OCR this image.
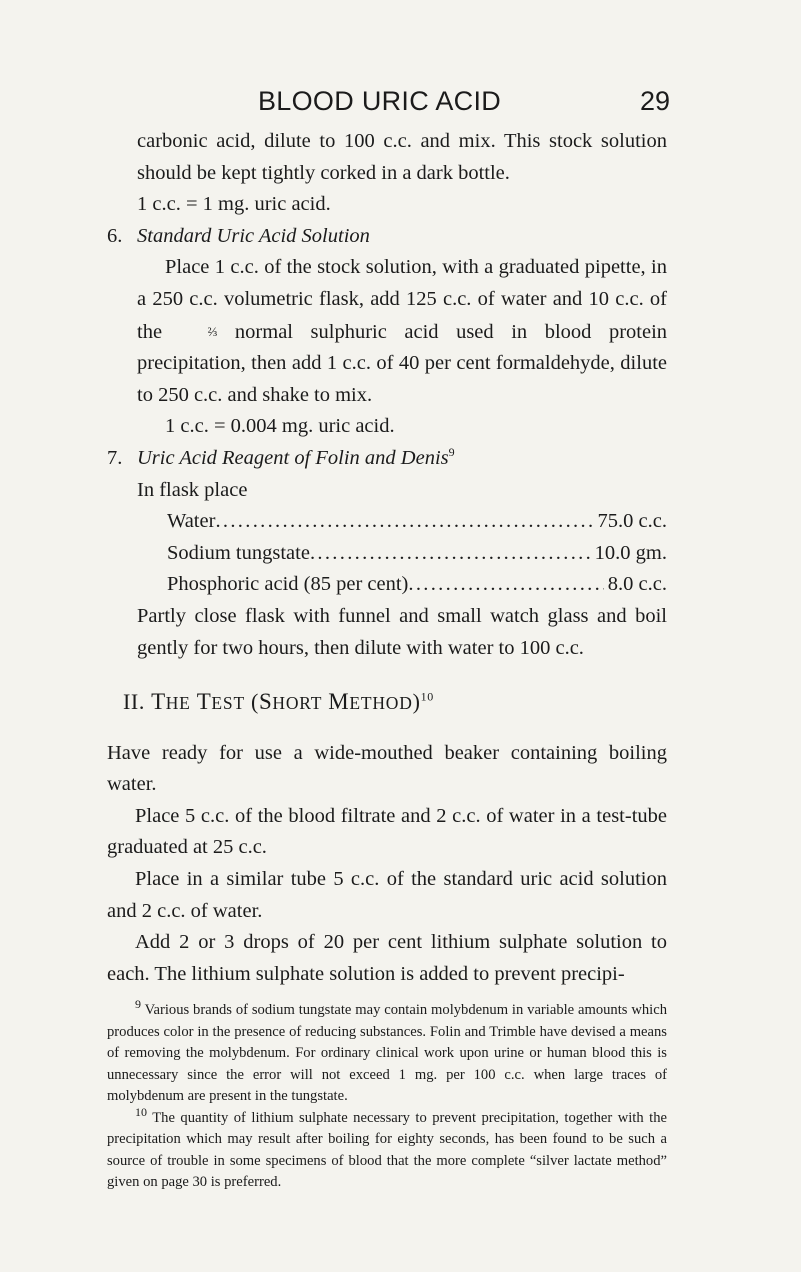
BLOOD URIC ACID	29

carbonic acid, dilute to 100 c.c. and mix. This stock solution should be kept tightly corked in a dark bottle.

1 c.c. = 1 mg. uric acid.

6. Standard Uric Acid Solution

Place 1 c.c. of the stock solution, with a graduated pipette, in a 250 c.c. volumetric flask, add 125 c.c. of water and 10 c.c. of the	⅔ normal sulphuric acid used in blood protein precipitation, then add 1 c.c. of 40 per cent formaldehyde, dilute to 250 c.c. and shake to mix.

1 c.c. = 0.004 mg. uric acid.

7. Uric Acid Reagent of Folin and Denis$^9$

In flask place

Water . . .	75.0 c.c.
Sodium tungstate . . .	10.0 gm.
Phosphoric acid (85 per cent) . . .	8.0 c.c.

Partly close flask with funnel and small watch glass and boil gently for two hours, then dilute with water to 100 c.c.

II. THE TEST (SHORT METHOD)$^{10}$

Have ready for use a wide-mouthed beaker containing boiling water.

Place 5 c.c. of the blood filtrate and 2 c.c. of water in a test-tube graduated at 25 c.c.

Place in a similar tube 5 c.c. of the standard uric acid solution and 2 c.c. of water.

Add 2 or 3 drops of 20 per cent lithium sulphate solution to each. The lithium sulphate solution is added to prevent precipi-

$^9$ Various brands of sodium tungstate may contain molybdenum in variable amounts which produces color in the presence of reducing substances. Folin and Trimble have devised a means of removing the molybdenum. For ordinary clinical work upon urine or human blood this is unnecessary since the error will not exceed 1 mg. per 100 c.c. when large traces of molybdenum are present in the tungstate.

$^{10}$ The quantity of lithium sulphate necessary to prevent precipitation, together with the precipitation which may result after boiling for eighty seconds, has been found to be such a source of trouble in some specimens of blood that the more complete “silver lactate method” given on page 30 is preferred.
